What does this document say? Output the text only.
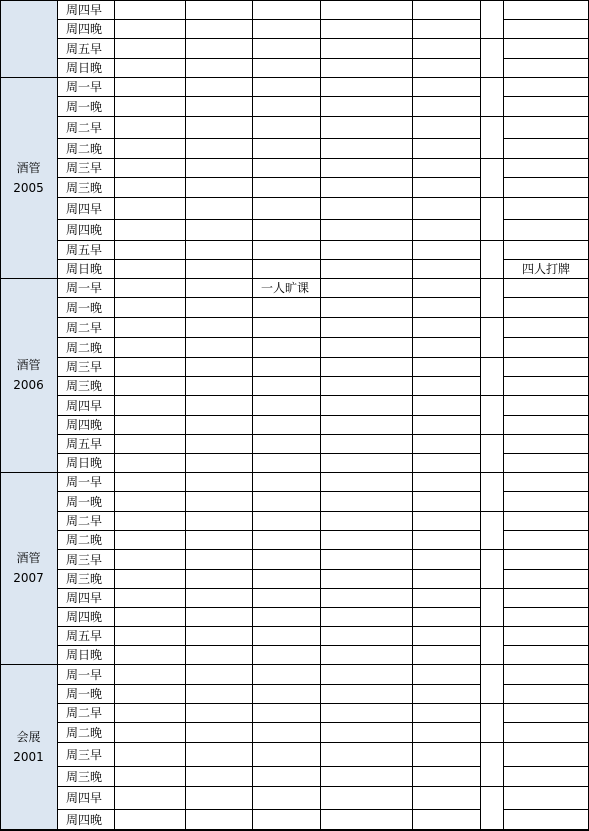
酒管
2005
酒管
2006
酒管
2007
会展
2001
周四早
周四晚
周五早
周日晚
周一早
周一晚
周二早
周二晚
周三早
周三晚
周四早
周四晚
周五早
周日晚
周一早
周一晚
周二早
周二晚
周三早
周三晚
周四早
周四晚
周五早
周日晚
周一早
周一晚
周二早
周二晚
周三早
周三晚
周四早
周四晚
周五早
周日晚
周一早
周一晚
周二早
周二晚
周三早
周三晚
周四早
周四晚
一人旷课
四人打牌
